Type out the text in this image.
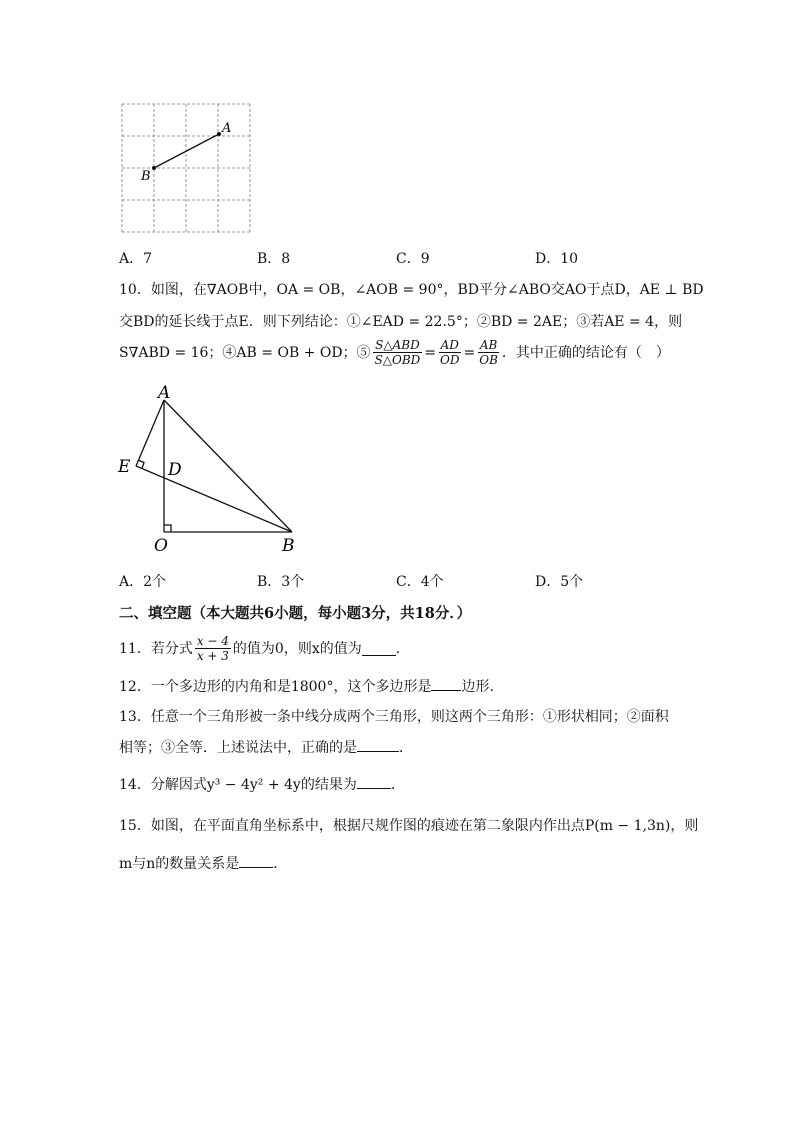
A
B
A．7	B．8	C．9	D．10
10．如图，在∇AOB中，OA = OB，∠AOB = 90°，BD平分∠ABO交AO于点D，AE ⊥ BD
交BD的延长线于点E．则下列结论：①∠EAD = 22.5°；②BD = 2AE；③若AE = 4，则
S∇ABD = 16；④AB = OB + OD；⑤ $\frac{\text{S△ABD}}{\text{S△OBD}} = \frac{AD}{OD} = \frac{AB}{OB}$ ．其中正确的结论有（　）
A
E D
O	B
A．2个	B．3个	C．4个	D．5个
二、填空题（本大题共6小题，每小题3分，共18分．）
11．若分式 $\frac{x - 4}{x + 3}$ 的值为0，则x的值为 .
12．一个多边形的内角和是1800°，这个多边形是 边形.
13．任意一个三角形被一条中线分成两个三角形，则这两个三角形：①形状相同；②面积
相等；③全等．上述说法中，正确的是	．
14．分解因式y³ − 4y² + 4y的结果为 .
15．如图，在平面直角坐标系中，根据尺规作图的痕迹在第二象限内作出点P(m − 1,3n)，则
m与n的数量关系是 .
